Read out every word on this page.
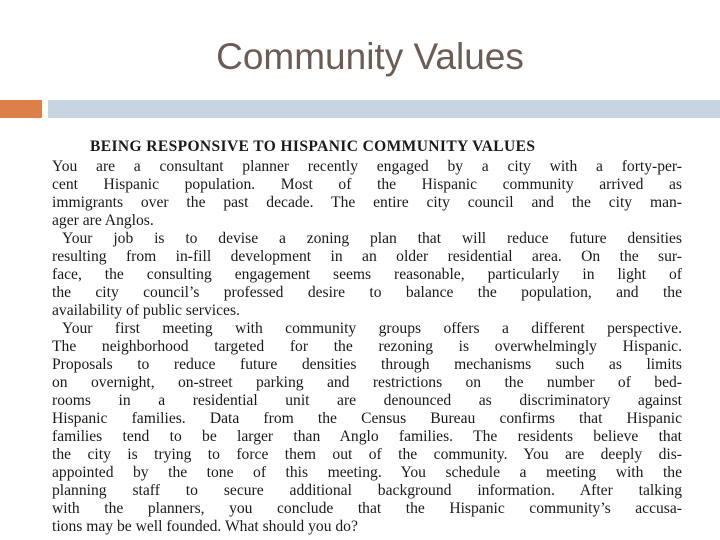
Community Values
BEING RESPONSIVE TO HISPANIC COMMUNITY VALUES
You are a consultant planner recently engaged by a city with a forty-per-
cent Hispanic population. Most of the Hispanic community arrived as
immigrants over the past decade. The entire city council and the city man-
ager are Anglos.
Your job is to devise a zoning plan that will reduce future densities
resulting from in-fill development in an older residential area. On the sur-
face, the consulting engagement seems reasonable, particularly in light of
the city council’s professed desire to balance the population, and the
availability of public services.
Your first meeting with community groups offers a different perspective.
The neighborhood targeted for the rezoning is overwhelmingly Hispanic.
Proposals to reduce future densities through mechanisms such as limits
on overnight, on-street parking and restrictions on the number of bed-
rooms in a residential unit are denounced as discriminatory against
Hispanic families. Data from the Census Bureau confirms that Hispanic
families tend to be larger than Anglo families. The residents believe that
the city is trying to force them out of the community. You are deeply dis-
appointed by the tone of this meeting. You schedule a meeting with the
planning staff to secure additional background information. After talking
with the planners, you conclude that the Hispanic community’s accusa-
tions may be well founded. What should you do?
